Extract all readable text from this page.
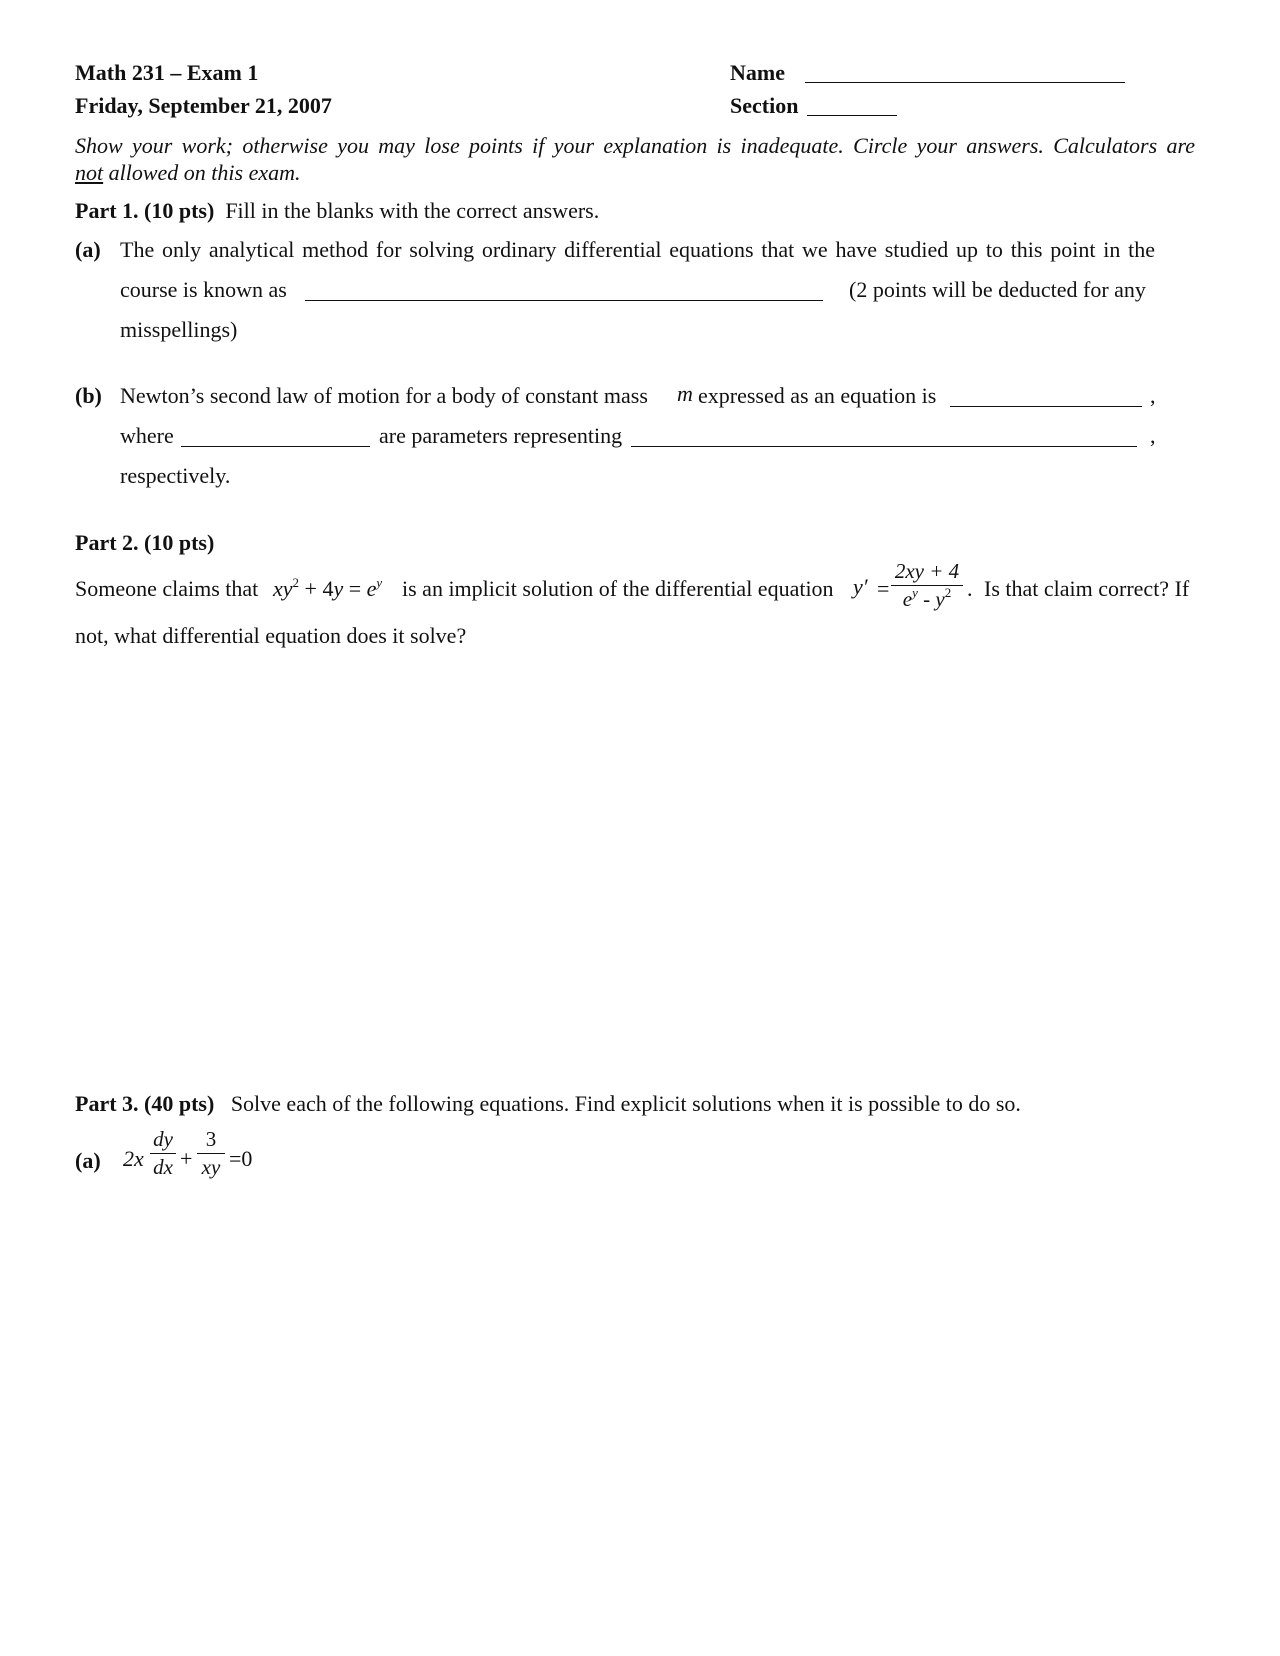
Math 231 – Exam 1
Friday, September 21, 2007
Name
Section
Show your work; otherwise you may lose points if your explanation is inadequate. Circle your answers. Calculators are
not allowed on this exam.
Part 1. (10 pts) Fill in the blanks with the correct answers.
(a) The only analytical method for solving ordinary differential equations that we have studied up to this point in the
course is known as	(2 points will be deducted for any
misspellings)
(b) Newton’s second law of motion for a body of constant mass m expressed as an equation is	,
where	are parameters representing	,
respectively.
Part 2. (10 pts)
Someone claims that $xy^2 + 4y = e^y$ is an implicit solution of the differential equation y′ =
2xy + 4
$e^y - y^2$ . Is that claim correct? If
not, what differential equation does it solve?
Part 3. (40 pts) Solve each of the following equations. Find explicit solutions when it is possible to do so.
(a) 2x
dy
dx +
3
xy =0
